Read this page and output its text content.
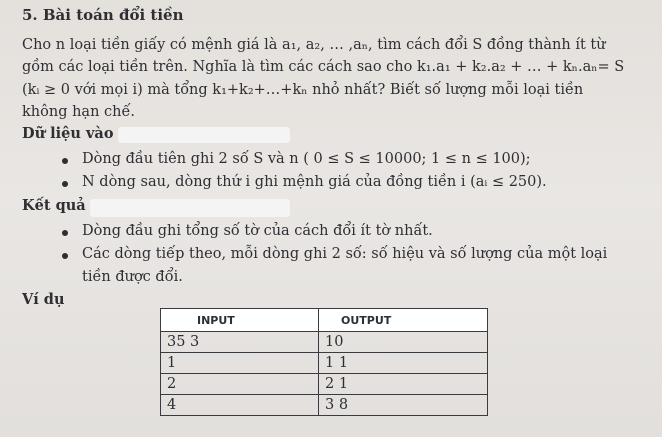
5. Bài toán đổi tiền
Cho n loại tiền giấy có mệnh giá là a₁, a₂, … ,aₙ, tìm cách đổi S đồng thành ít từ
gồm các loại tiền trên. Nghĩa là tìm các cách sao cho k₁.a₁ + k₂.a₂ + … + kₙ.aₙ= S
(kᵢ ≥ 0 với mọi i) mà tổng k₁+k₂+…+kₙ nhỏ nhất? Biết số lượng mỗi loại tiền
không hạn chế.
Dữ liệu vào
Dòng đầu tiên ghi 2 số S và n ( 0 ≤ S ≤ 10000; 1 ≤ n ≤ 100);
N dòng sau, dòng thứ i ghi mệnh giá của đồng tiền i (aᵢ ≤ 250).
Kết quả
Dòng đầu ghi tổng số tờ của cách đổi ít tờ nhất.
Các dòng tiếp theo, mỗi dòng ghi 2 số: số hiệu và số lượng của một loại
tiền được đổi.
Ví dụ
INPUT	OUTPUT
35 3	10
1	1 1
2	2 1
4	3 8
